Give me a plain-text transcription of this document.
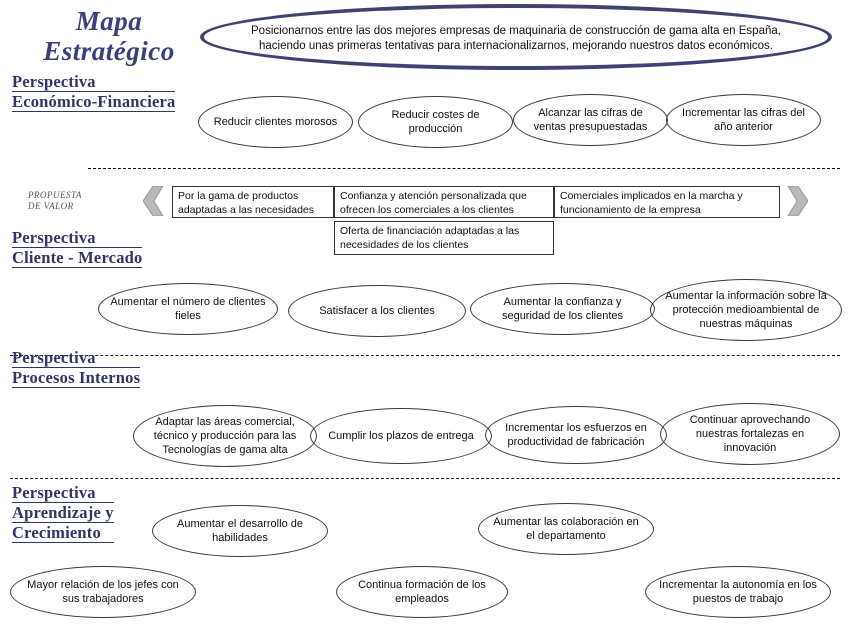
Mapa
Estratégico
Posicionarnos entre las dos mejores empresas de maquinaria de construcción de gama alta en España, haciendo unas primeras tentativas para internacionalizarnos, mejorando nuestros datos económicos.
Perspectiva
Económico-Financiera
Reducir clientes morosos
Reducir costes de producción
Alcanzar las cifras de ventas presupuestadas
Incrementar las cifras del año anterior
PROPUESTA
DE VALOR
Por la gama de productos adaptadas a las necesidades
Confianza y atención personalizada que ofrecen los comerciales a los clientes
Comerciales implicados en la marcha y funcionamiento de la empresa
Oferta de financiación adaptadas a las necesidades de los clientes
Perspectiva
Cliente - Mercado
Aumentar el número de clientes fieles	Satisfacer a los clientes
Aumentar la confianza y seguridad de los clientes
Aumentar la información sobre la protección medioambiental de nuestras máquinas
Perspectiva
Procesos Internos
Adaptar las áreas comercial, técnico y producción para las Tecnologías de gama alta
Cumplir los plazos de entrega
Incrementar los esfuerzos en productividad de fabricación
Continuar aprovechando nuestras fortalezas en innovación
Perspectiva
Aprendizaje y
Crecimiento	Aumentar el desarrollo de habilidades
Aumentar las colaboración en el departamento
Mayor relación de los jefes con sus trabajadores
Continua formación de los empleados
Incrementar la autonomía en los puestos de trabajo
